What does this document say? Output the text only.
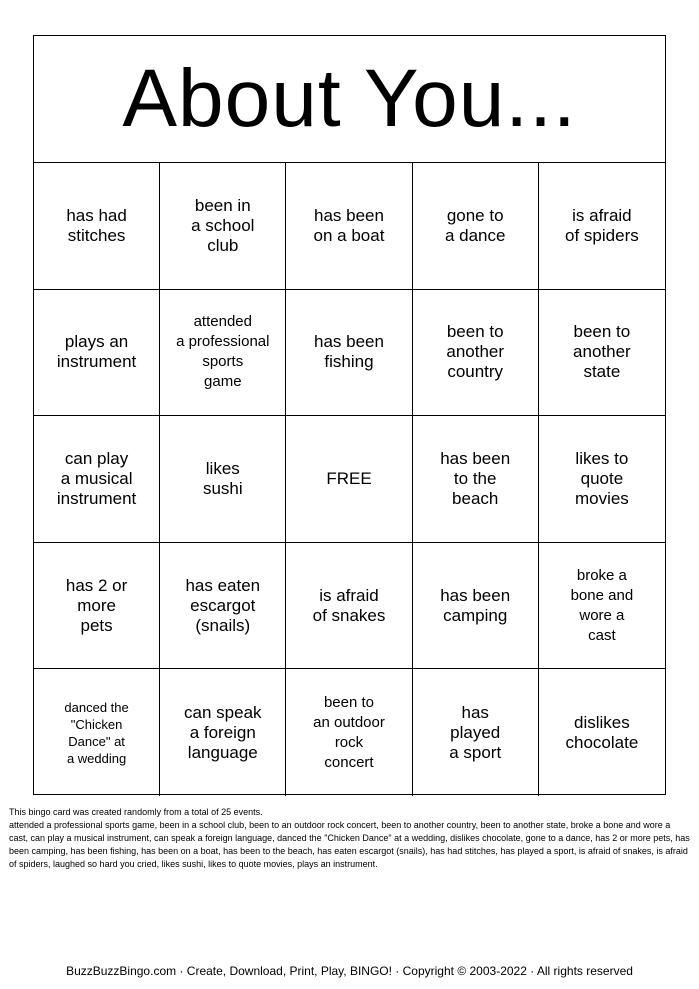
About You...
has had
stitches
been in
a school
club
has been
on a boat
gone to
a dance
is afraid
of spiders
plays an
instrument
attended
a professional
sports
game
has been
fishing
been to
another
country
been to
another
state
can play
a musical
instrument
likes
sushi
FREE
has been
to the
beach
likes to
quote
movies
has 2 or
more
pets
has eaten
escargot
(snails)
is afraid
of snakes
has been
camping
broke a
bone and
wore a
cast
danced the
"Chicken
Dance" at
a wedding
can speak
a foreign
language
been to
an outdoor
rock
concert
has
played
a sport
dislikes
chocolate
This bingo card was created randomly from a total of 25 events.
attended a professional sports game, been in a school club, been to an outdoor rock concert, been to another country, been to another state, broke a bone and wore a cast, can play a musical instrument, can speak a foreign language, danced the "Chicken Dance" at a wedding, dislikes chocolate, gone to a dance, has 2 or more pets, has been camping, has been fishing, has been on a boat, has been to the beach, has eaten escargot (snails), has had stitches, has played a sport, is afraid of snakes, is afraid of spiders, laughed so hard you cried, likes sushi, likes to quote movies, plays an instrument.
BuzzBuzzBingo.com · Create, Download, Print, Play, BINGO! · Copyright © 2003-2022 · All rights reserved
